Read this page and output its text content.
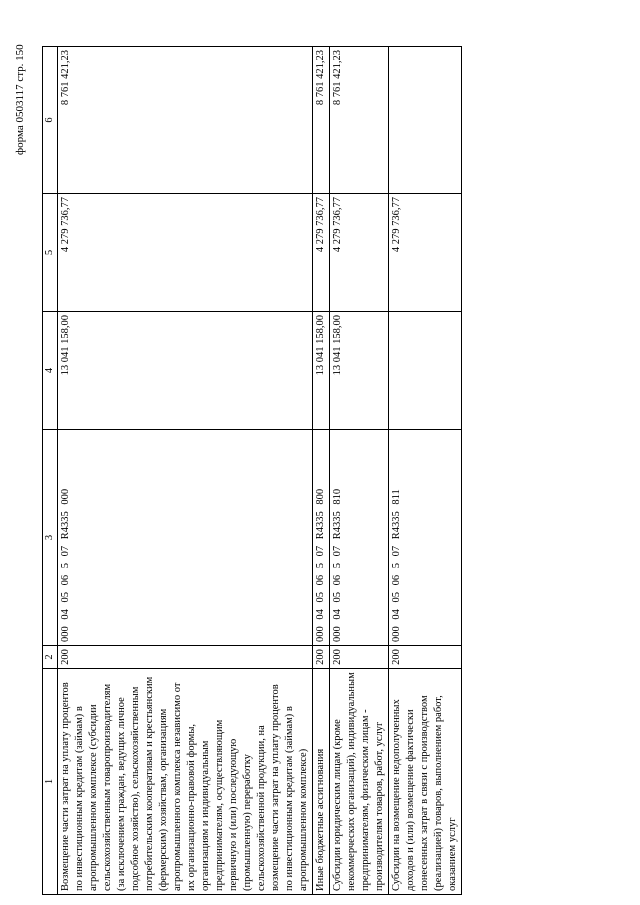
форма 0503117 стр. 150
1	2	3	4	5	6
Возмещение части затрат на уплату процентов по инвестиционным кредитам (займам) в агропромышленном комплексе (субсидии сельскохозяйственным товаропроизводителям (за исключением граждан, ведущих личное подсобное хозяйство), сельскохозяйственным потребительским кооперативам и крестьянским (фермерским) хозяйствам, организациям агропромышленного комплекса независимо от их организационно-правовой формы, организациям и индивидуальным предпринимателям, осуществляющим первичную и (или) последующую (промышленную) переработку сельскохозяйственной продукции, на возмещение части затрат на уплату процентов по инвестиционным кредитам (займам) в агропромышленном комплексе)	200	000 04 05 06 5 07 R4335 000	13 041 158,00	4 279 736,77	8 761 421,23
Иные бюджетные ассигнования	200	000 04 05 06 5 07 R4335 800	13 041 158,00	4 279 736,77	8 761 421,23
Субсидии юридическим лицам (кроме некоммерческих организаций), индивидуальным предпринимателям, физическим лицам - производителям товаров, работ, услуг	200	000 04 05 06 5 07 R4335 810	13 041 158,00	4 279 736,77	8 761 421,23
Субсидии на возмещение недополученных доходов и (или) возмещение фактически понесенных затрат в связи с производством (реализацией) товаров, выполнением работ, оказанием услуг	200	000 04 05 06 5 07 R4335 811		4 279 736,77	
